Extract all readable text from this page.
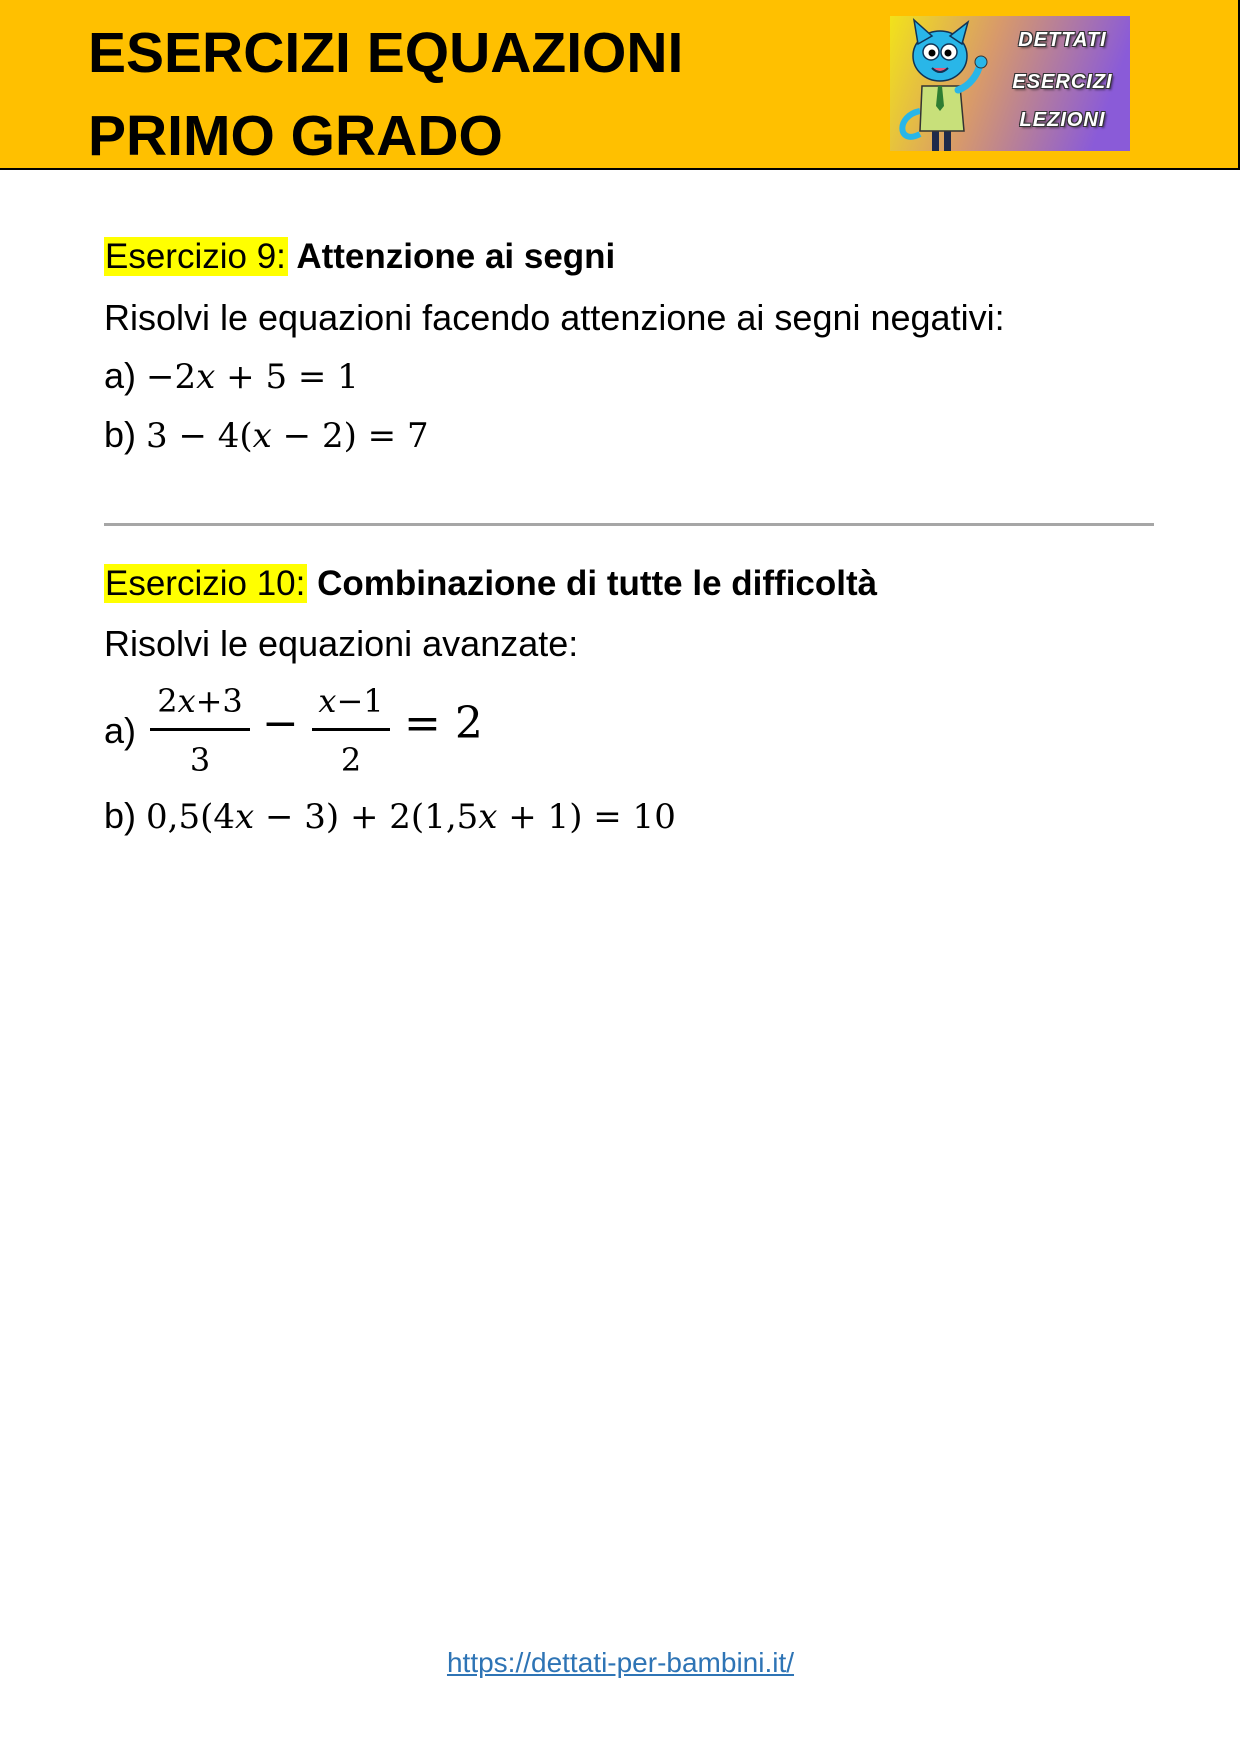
ESERCIZI EQUAZIONI
PRIMO GRADO
DETTATI
ESERCIZI
LEZIONI
Esercizio 9: Attenzione ai segni
Risolvi le equazioni facendo attenzione ai segni negativi:
a) −2x + 5 = 1
b) 3 − 4(x − 2) = 7
Esercizio 10: Combinazione di tutte le difficoltà
Risolvi le equazioni avanzate:
$a) \frac{2x+3}{3} - \frac{x-1}{2} = 2$
b) 0,5(4x − 3) + 2(1,5x + 1) = 10
https://dettati-per-bambini.it/
